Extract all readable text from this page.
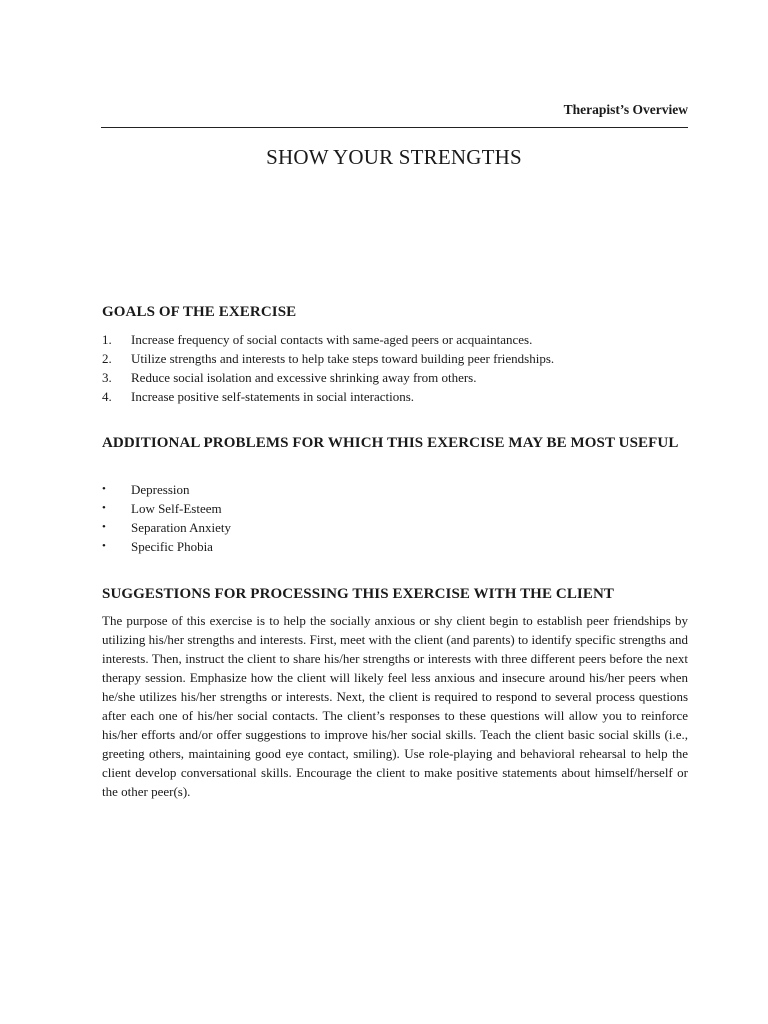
Therapist’s Overview
SHOW YOUR STRENGTHS
GOALS OF THE EXERCISE
1. Increase frequency of social contacts with same-aged peers or acquaintances.
2. Utilize strengths and interests to help take steps toward building peer friendships.
3. Reduce social isolation and excessive shrinking away from others.
4. Increase positive self-statements in social interactions.
ADDITIONAL PROBLEMS FOR WHICH THIS EXERCISE MAY BE MOST USEFUL
• Depression
• Low Self-Esteem
• Separation Anxiety
• Specific Phobia
SUGGESTIONS FOR PROCESSING THIS EXERCISE WITH THE CLIENT

The purpose of this exercise is to help the socially anxious or shy client begin to establish peer friendships by utilizing his/her strengths and interests. First, meet with the client (and parents) to identify specific strengths and interests. Then, instruct the client to share his/her strengths or interests with three different peers before the next therapy session. Emphasize how the client will likely feel less anxious and insecure around his/her peers when he/she utilizes his/her strengths or interests. Next, the client is required to respond to several process questions after each one of his/her social contacts. The client’s responses to these questions will allow you to reinforce his/her efforts and/or offer suggestions to improve his/her social skills. Teach the client basic social skills (i.e., greeting others, maintaining good eye contact, smiling). Use role-playing and behavioral rehearsal to help the client develop conversational skills. Encourage the client to make positive statements about himself/herself or the other peer(s).
